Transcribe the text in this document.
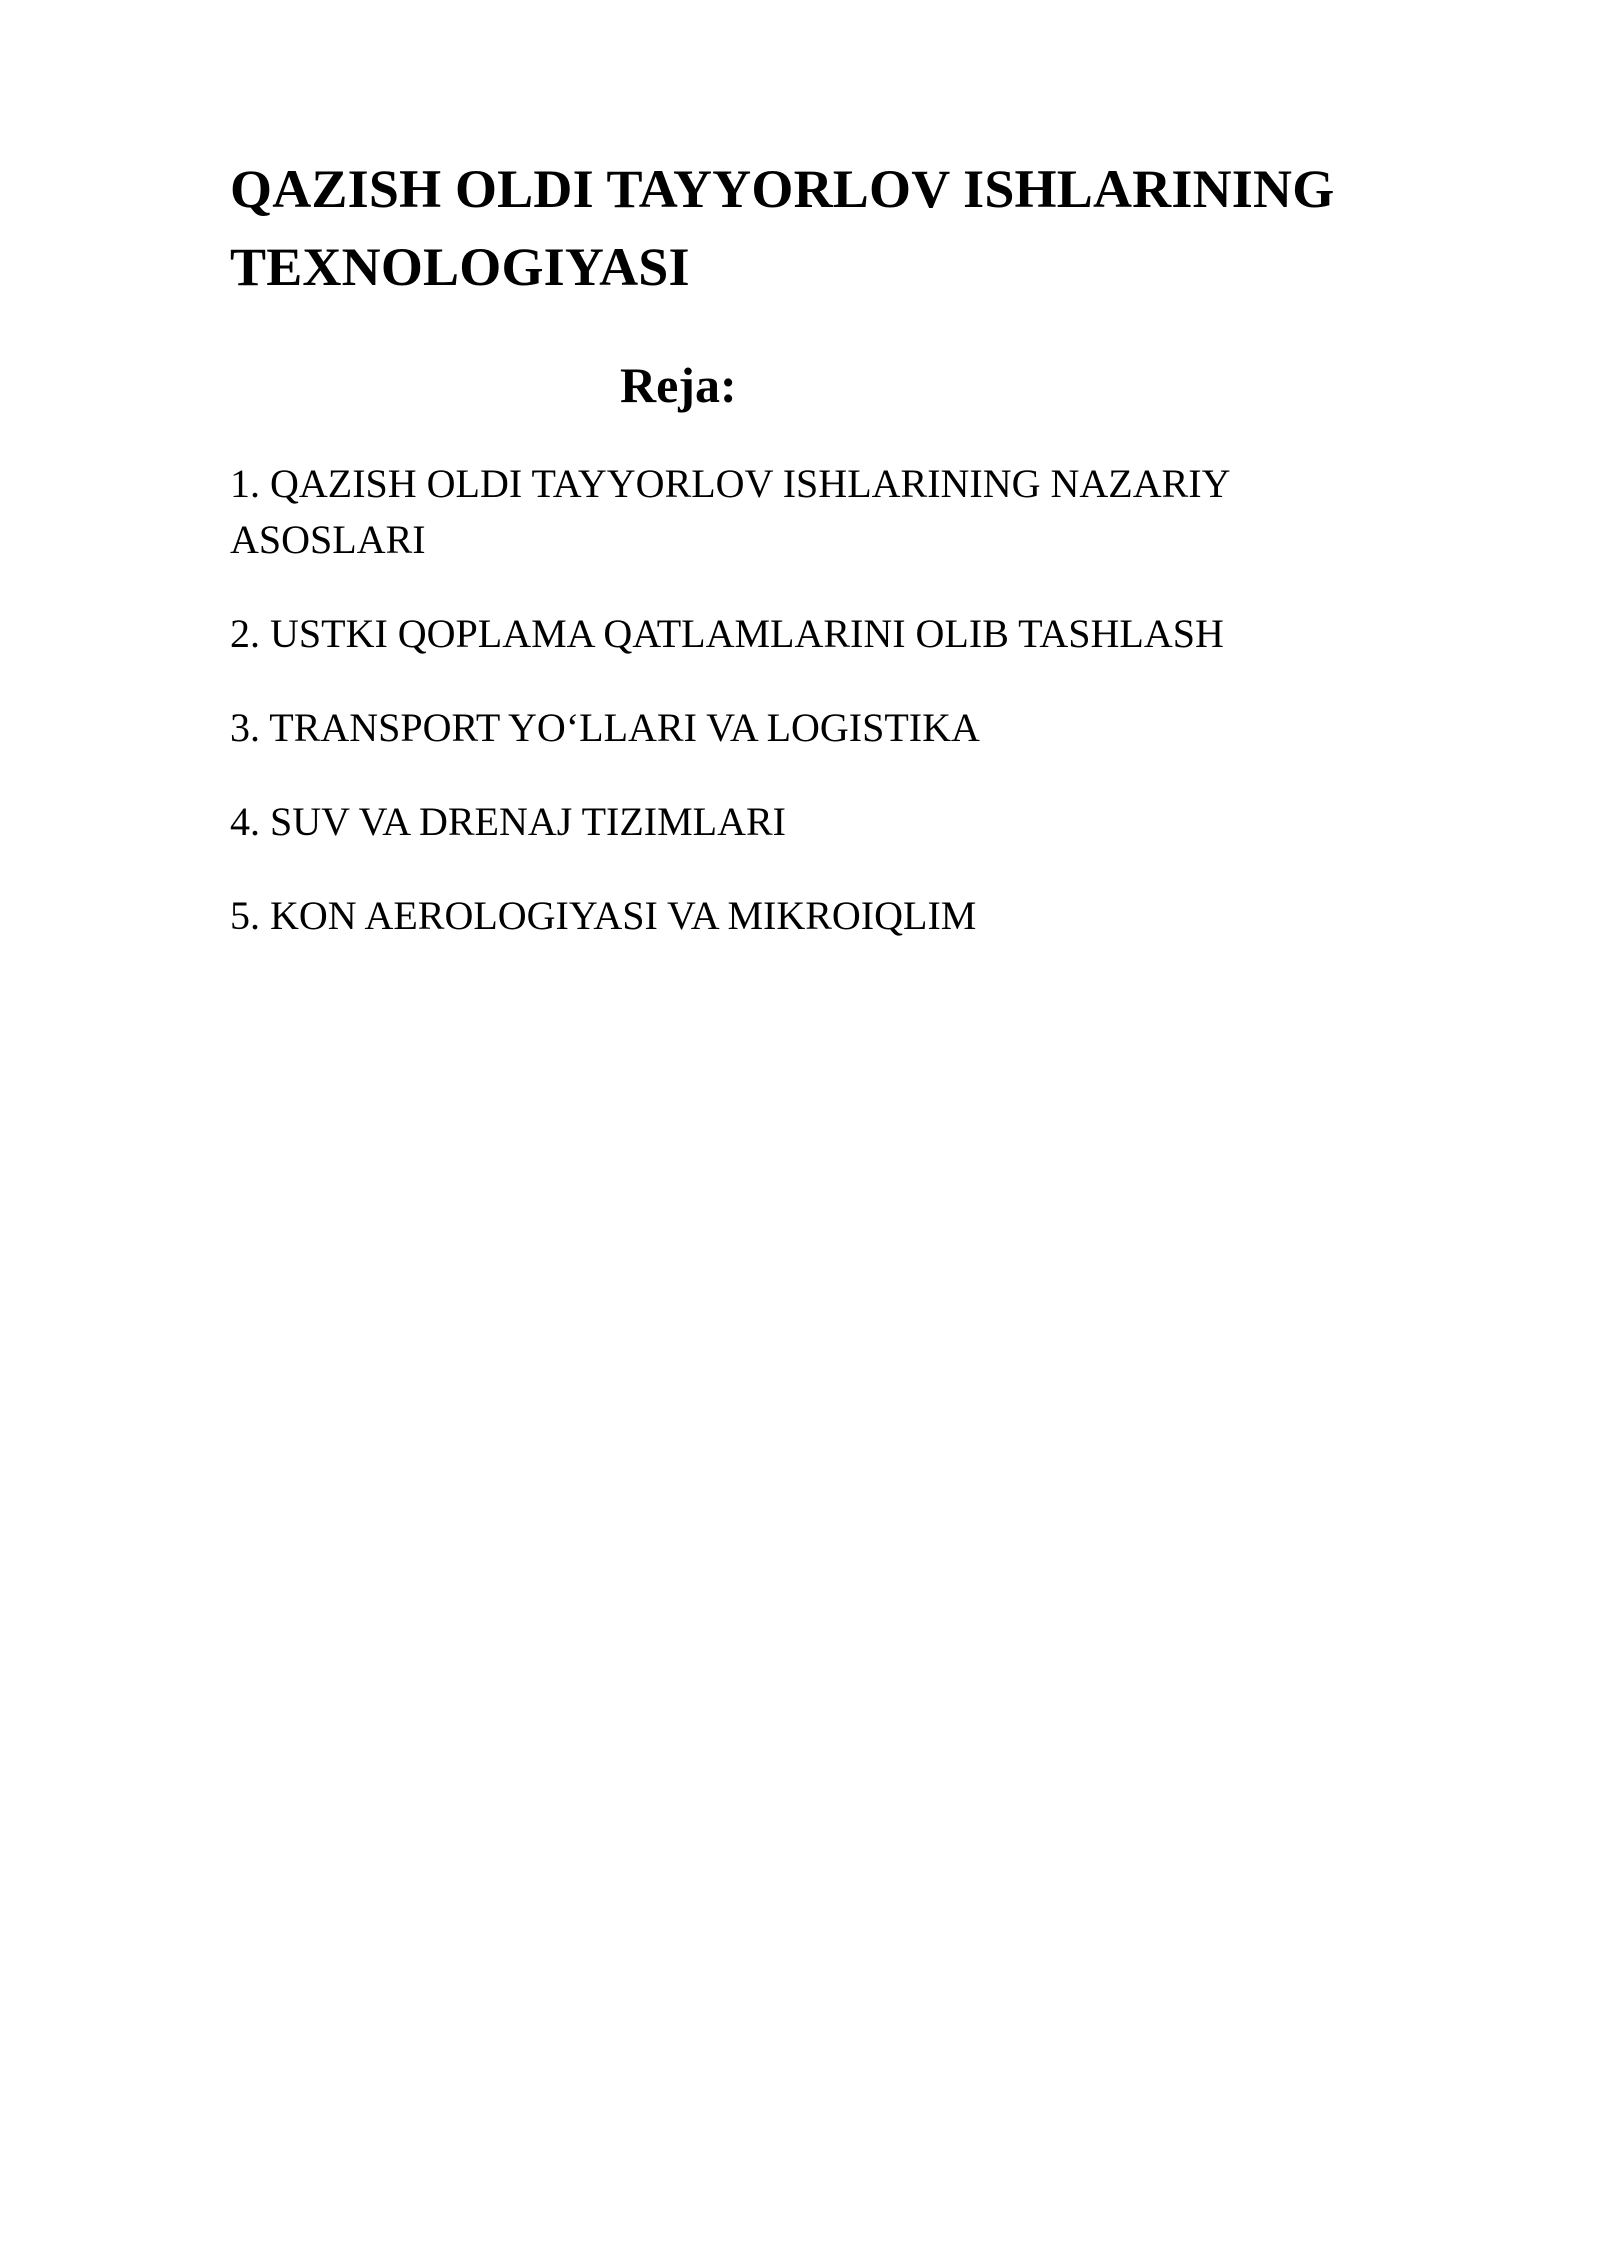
QAZISH OLDI TAYYORLOV ISHLARINING TEXNOLOGIYASI
Reja:
1. QAZISH OLDI TAYYORLOV ISHLARINING NAZARIY ASOSLARI
2. USTKI QOPLAMA QATLAMLARINI OLIB TASHLASH
3. TRANSPORT YO‘LLARI VA LOGISTIKA
4. SUV VA DRENAJ TIZIMLARI
5. KON AEROLOGIYASI VA MIKROIQLIM
